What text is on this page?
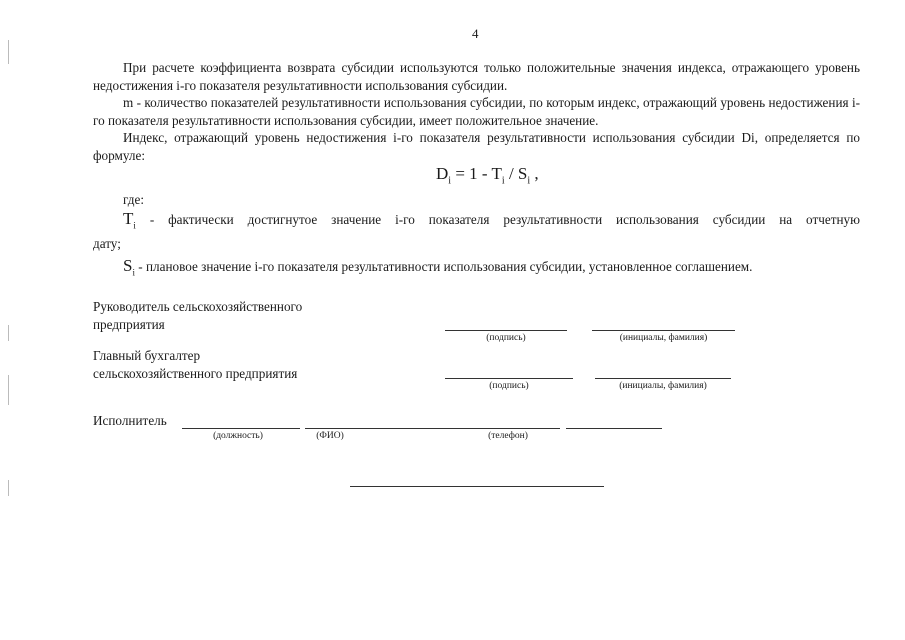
4
При расчете коэффициента возврата субсидии используются только положительные значения индекса, отражающего уровень недостижения i-го показателя результативности использования субсидии.
m - количество показателей результативности использования субсидии, по которым индекс, отражающий уровень недостижения i-го показателя результативности использования субсидии, имеет положительное значение.
Индекс, отражающий уровень недостижения i-го показателя результативности использования субсидии Di, определяется по формуле:
$D_i = 1 - T_i / S_i$ ,
где:
$T_i$ - фактически достигнутое значение i-го показателя результативности использования субсидии на отчетную
дату;
$S_i$ - плановое значение i-го показателя результативности использования субсидии, установленное соглашением.
Руководитель сельскохозяйственного
предприятия
(подпись)	(инициалы, фамилия)
Главный бухгалтер
сельскохозяйственного предприятия
(подпись)	(инициалы, фамилия)
Исполнитель
(должность)	(ФИО)	(телефон)
